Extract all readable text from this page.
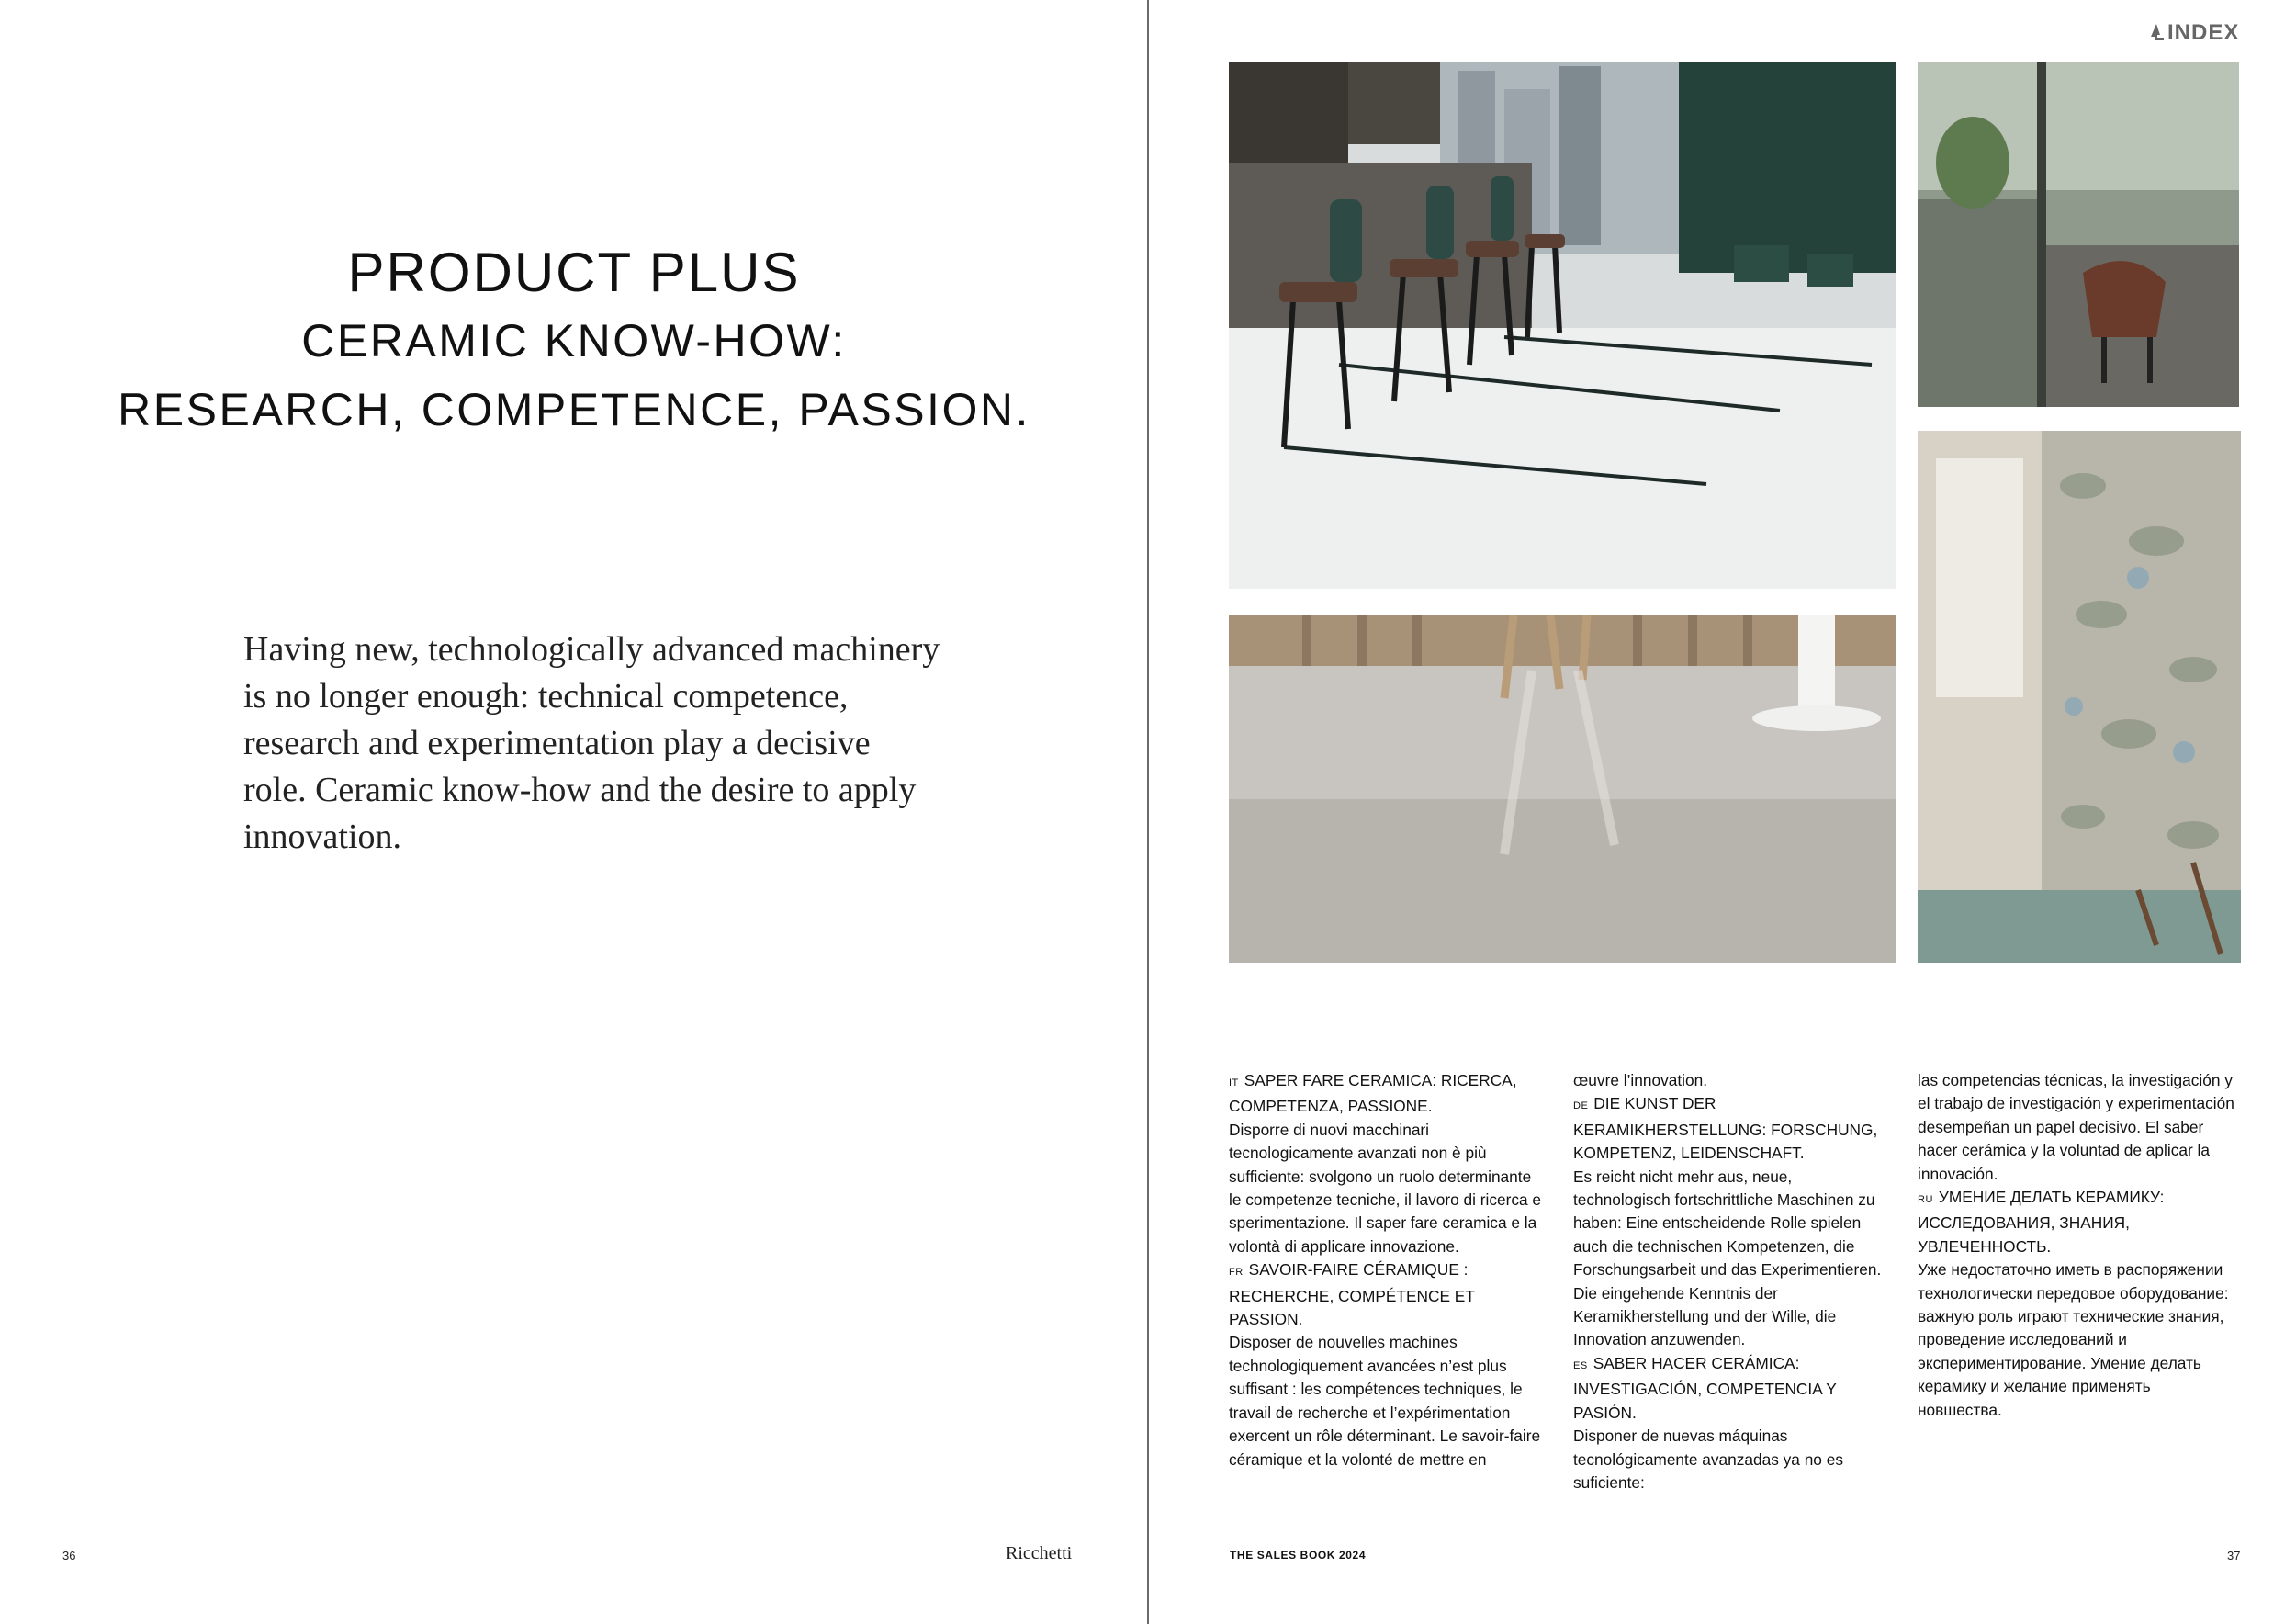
PRODUCT PLUS
CERAMIC KNOW-HOW:
RESEARCH, COMPETENCE, PASSION.

Having new, technologically advanced machinery is no longer enough: technical competence, research and experimentation play a decisive role. Ceramic know-how and the desire to apply innovation.

36	Ricchetti
INDEX

IT SAPER FARE CERAMICA: RICERCA, COMPETENZA, PASSIONE.

Disporre di nuovi macchinari tecnologicamente avanzati non è più sufficiente: svolgono un ruolo determinante le competenze tecniche, il lavoro di ricerca e sperimentazione. Il saper fare ceramica e la volontà di applicare innovazione.

FR SAVOIR-FAIRE CÉRAMIQUE : RECHERCHE, COMPÉTENCE ET PASSION.

Disposer de nouvelles machines technologiquement avancées n’est plus suffisant : les compétences techniques, le travail de recherche et l’expérimentation exercent un rôle déterminant. Le savoir-faire céramique et la volonté de mettre en

œuvre l’innovation.

DE DIE KUNST DER KERAMIKHERSTELLUNG: FORSCHUNG, KOMPETENZ, LEIDENSCHAFT.

Es reicht nicht mehr aus, neue, technologisch fortschrittliche Maschinen zu haben: Eine entscheidende Rolle spielen auch die technischen Kompetenzen, die Forschungsarbeit und das Experimentieren. Die eingehende Kenntnis der Keramikherstellung und der Wille, die Innovation anzuwenden.

ES SABER HACER CERÁMICA: INVESTIGACIÓN, COMPETENCIA Y PASIÓN.

Disponer de nuevas máquinas tecnológicamente avanzadas ya no es suficiente:

las competencias técnicas, la investigación y el trabajo de investigación y experimentación desempeñan un papel decisivo. El saber hacer cerámica y la voluntad de aplicar la innovación.

RU УМЕНИЕ ДЕЛАТЬ КЕРАМИКУ: ИССЛЕДОВАНИЯ, ЗНАНИЯ, УВЛЕЧЕННОСТЬ.

Уже недостаточно иметь в распоряжении технологически передовое оборудование: важную роль играют технические знания, проведение исследований и экспериментирование. Умение делать керамику и желание применять новшества.

THE SALES BOOK 2024	37
